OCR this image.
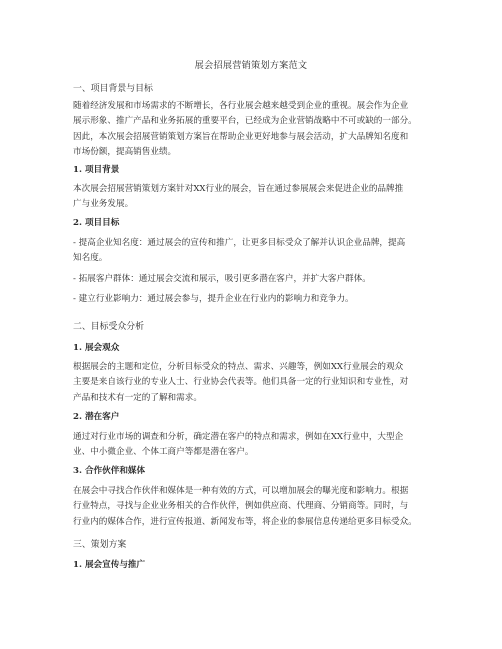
展会招展营销策划方案范文
一、项目背景与目标
随着经济发展和市场需求的不断增长，各行业展会越来越受到企业的重视。展会作为企业
展示形象、推广产品和业务拓展的重要平台，已经成为企业营销战略中不可或缺的一部分。
因此，本次展会招展营销策划方案旨在帮助企业更好地参与展会活动，扩大品牌知名度和
市场份额，提高销售业绩。
1. 项目背景
本次展会招展营销策划方案针对XX行业的展会，旨在通过参展展会来促进企业的品牌推
广与业务发展。
2. 项目目标
- 提高企业知名度：通过展会的宣传和推广，让更多目标受众了解并认识企业品牌，提高
知名度。
- 拓展客户群体：通过展会交流和展示，吸引更多潜在客户，并扩大客户群体。
- 建立行业影响力：通过展会参与，提升企业在行业内的影响力和竞争力。
二、目标受众分析
1. 展会观众
根据展会的主题和定位，分析目标受众的特点、需求、兴趣等，例如XX行业展会的观众
主要是来自该行业的专业人士、行业协会代表等。他们具备一定的行业知识和专业性，对
产品和技术有一定的了解和需求。
2. 潜在客户
通过对行业市场的调查和分析，确定潜在客户的特点和需求，例如在XX行业中，大型企
业、中小微企业、个体工商户等都是潜在客户。
3. 合作伙伴和媒体
在展会中寻找合作伙伴和媒体是一种有效的方式，可以增加展会的曝光度和影响力。根据
行业特点，寻找与企业业务相关的合作伙伴，例如供应商、代理商、分销商等。同时，与
行业内的媒体合作，进行宣传报道、新闻发布等，将企业的参展信息传递给更多目标受众。
三、策划方案
1. 展会宣传与推广
